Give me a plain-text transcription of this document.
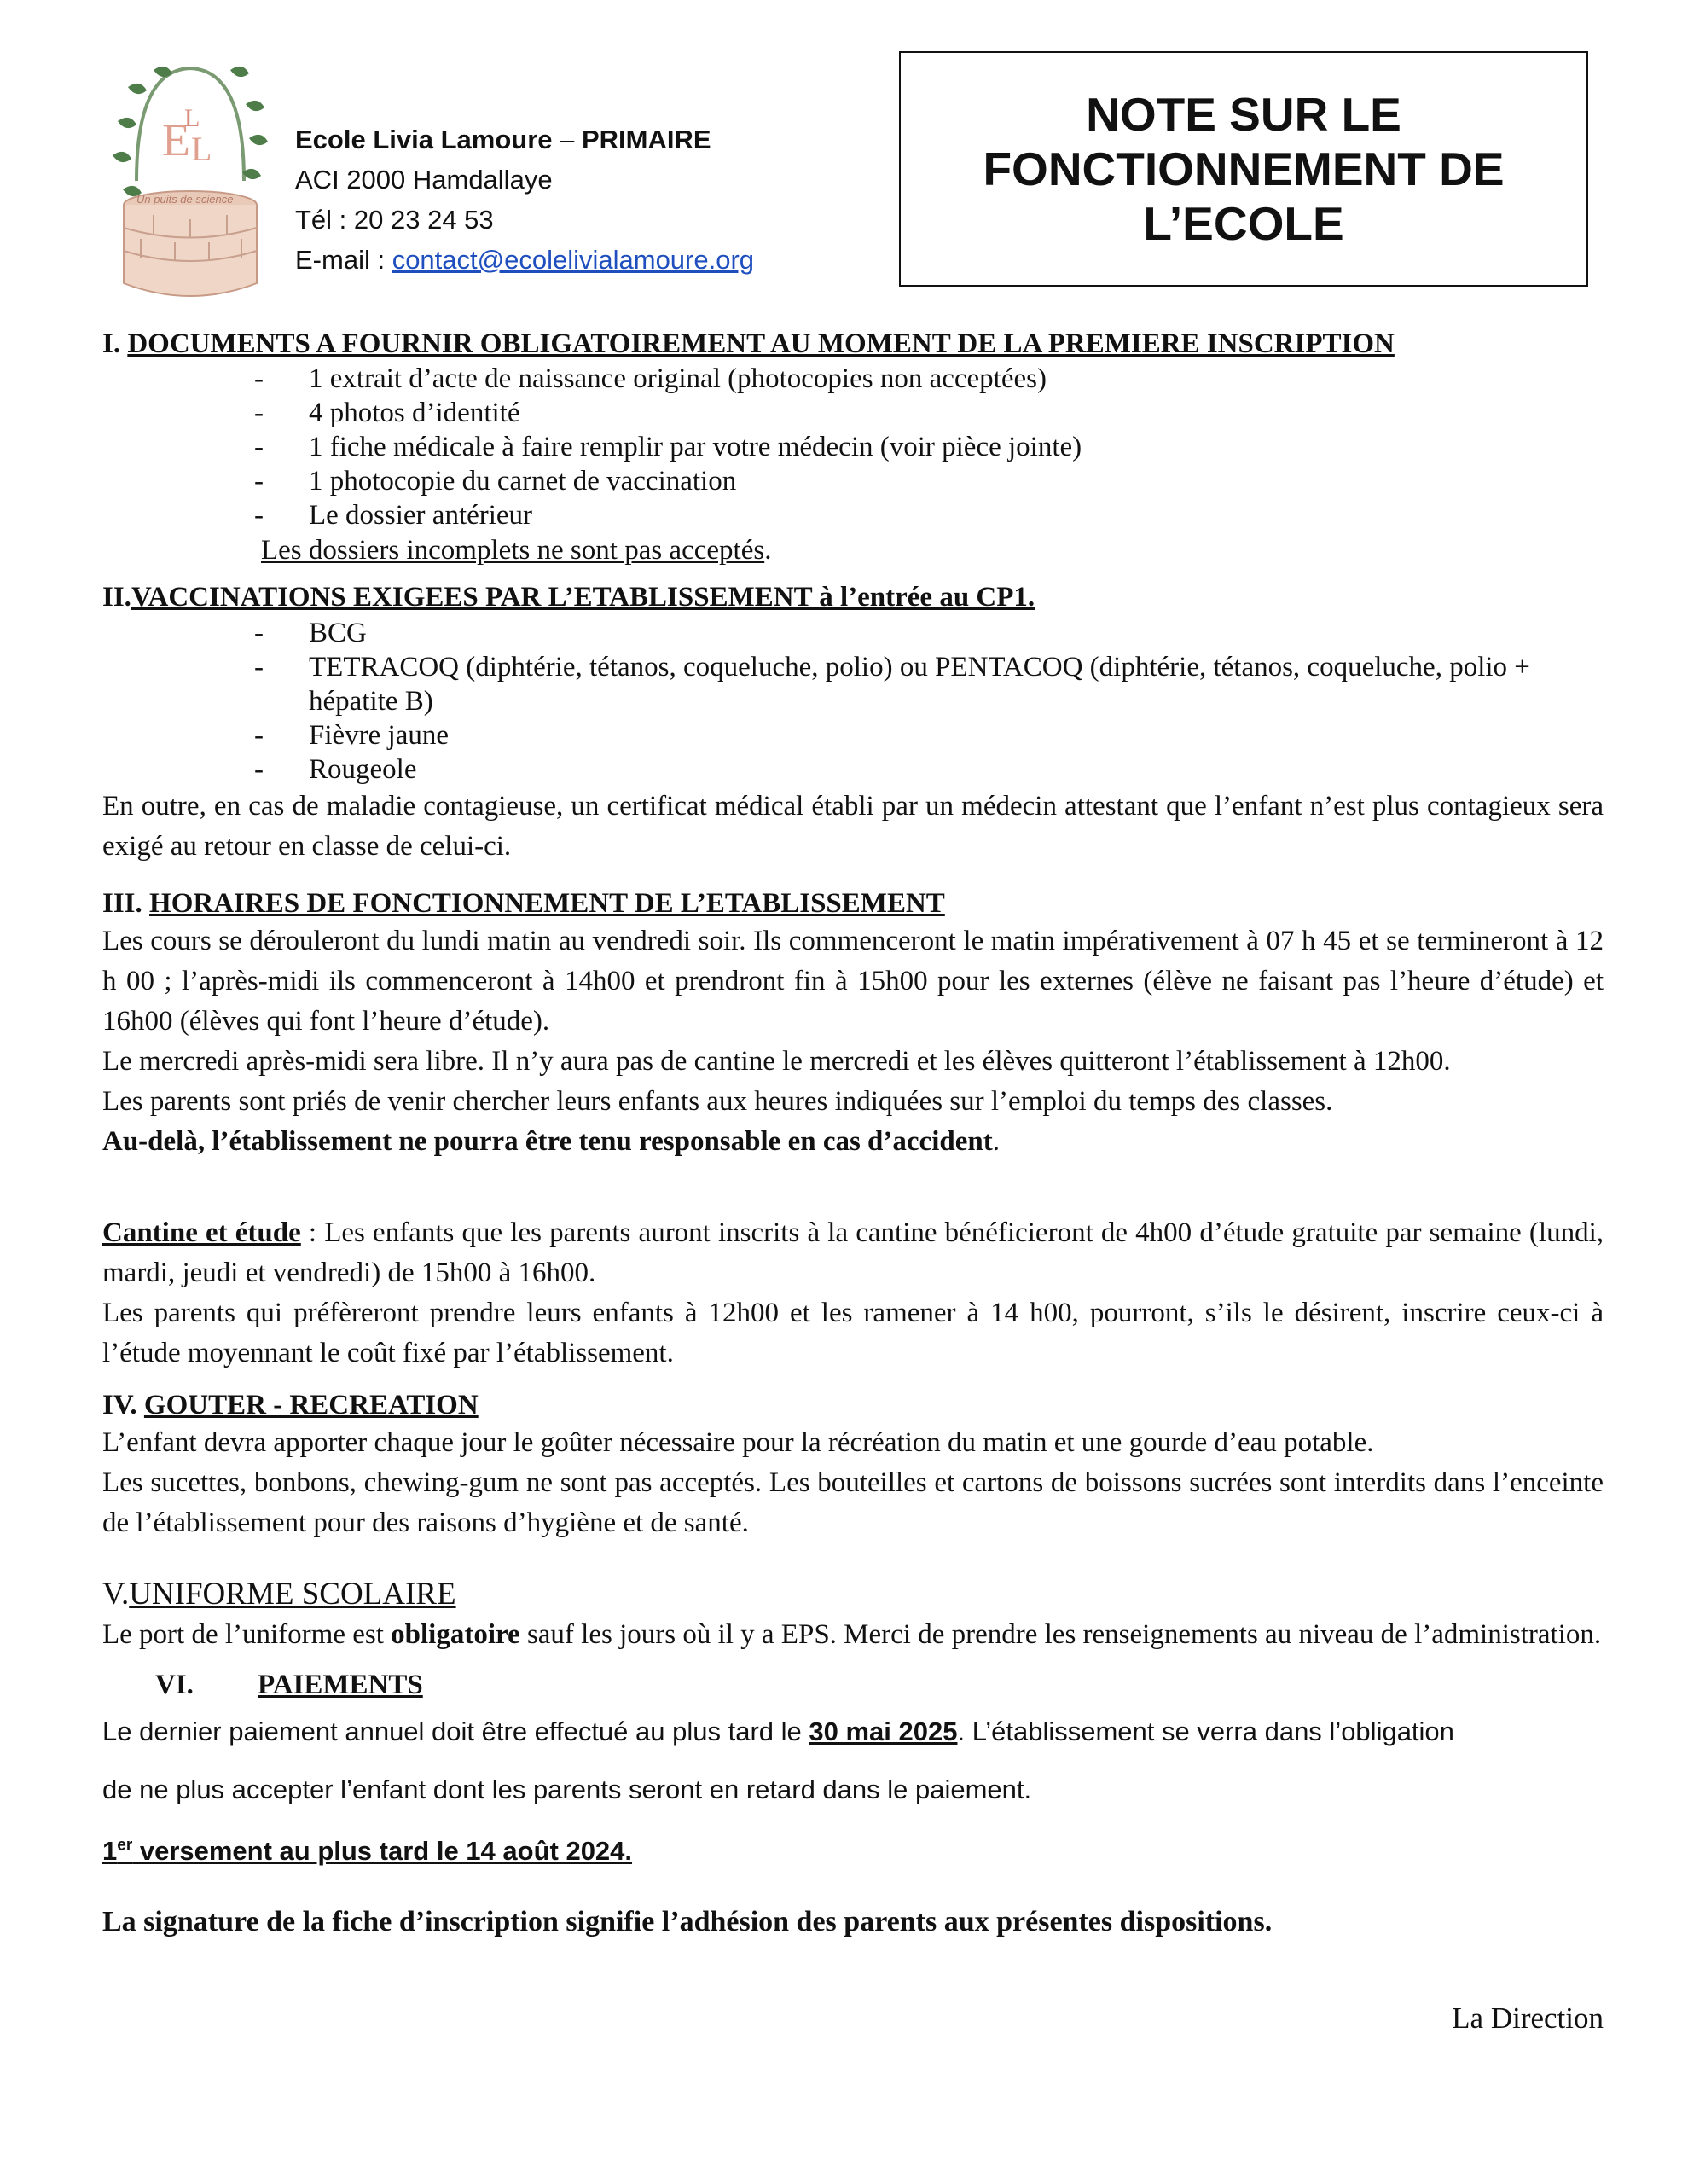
E L
L
Un puits de science
Ecole Livia Lamoure – PRIMAIRE
ACI 2000 Hamdallaye
Tél : 20 23 24 53
E-mail : contact@ecolelivialamoure.org
NOTE SUR LE
FONCTIONNEMENT DE
L’ECOLE
I. DOCUMENTS A FOURNIR OBLIGATOIREMENT AU MOMENT DE LA PREMIERE INSCRIPTION
- 1 extrait d’acte de naissance original (photocopies non acceptées)
- 4 photos d’identité
- 1 fiche médicale à faire remplir par votre médecin (voir pièce jointe)
- 1 photocopie du carnet de vaccination
- Le dossier antérieur
Les dossiers incomplets ne sont pas acceptés.
II.VACCINATIONS EXIGEES PAR L’ETABLISSEMENT à l’entrée au CP1.
- BCG
- TETRACOQ (diphtérie, tétanos, coqueluche, polio) ou PENTACOQ (diphtérie, tétanos, coqueluche, polio + hépatite B)
- Fièvre jaune
- Rougeole
En outre, en cas de maladie contagieuse, un certificat médical établi par un médecin attestant que l’enfant n’est plus contagieux sera exigé au retour en classe de celui-ci.
III. HORAIRES DE FONCTIONNEMENT DE L’ETABLISSEMENT
Les cours se dérouleront du lundi matin au vendredi soir. Ils commenceront le matin impérativement à 07 h 45 et se termineront à 12 h 00 ; l’après-midi ils commenceront à 14h00 et prendront fin à 15h00 pour les externes (élève ne faisant pas l’heure d’étude) et 16h00 (élèves qui font l’heure d’étude).
Le mercredi après-midi sera libre. Il n’y aura pas de cantine le mercredi et les élèves quitteront l’établissement à 12h00.
Les parents sont priés de venir chercher leurs enfants aux heures indiquées sur l’emploi du temps des classes.
Au-delà, l’établissement ne pourra être tenu responsable en cas d’accident.
Cantine et étude : Les enfants que les parents auront inscrits à la cantine bénéficieront de 4h00 d’étude gratuite par semaine (lundi, mardi, jeudi et vendredi) de 15h00 à 16h00.
Les parents qui préfèreront prendre leurs enfants à 12h00 et les ramener à 14 h00, pourront, s’ils le désirent, inscrire ceux-ci à l’étude moyennant le coût fixé par l’établissement.
IV. GOUTER - RECREATION
L’enfant devra apporter chaque jour le goûter nécessaire pour la récréation du matin et une gourde d’eau potable.
Les sucettes, bonbons, chewing-gum ne sont pas acceptés. Les bouteilles et cartons de boissons sucrées sont interdits dans l’enceinte de l’établissement pour des raisons d’hygiène et de santé.
V.UNIFORME SCOLAIRE
Le port de l’uniforme est obligatoire sauf les jours où il y a EPS. Merci de prendre les renseignements au niveau de l’administration.
VI. PAIEMENTS
Le dernier paiement annuel doit être effectué au plus tard le 30 mai 2025. L’établissement se verra dans l’obligation
de ne plus accepter l’enfant dont les parents seront en retard dans le paiement.
1er versement au plus tard le 14 août 2024.
La signature de la fiche d’inscription signifie l’adhésion des parents aux présentes dispositions.
La Direction
